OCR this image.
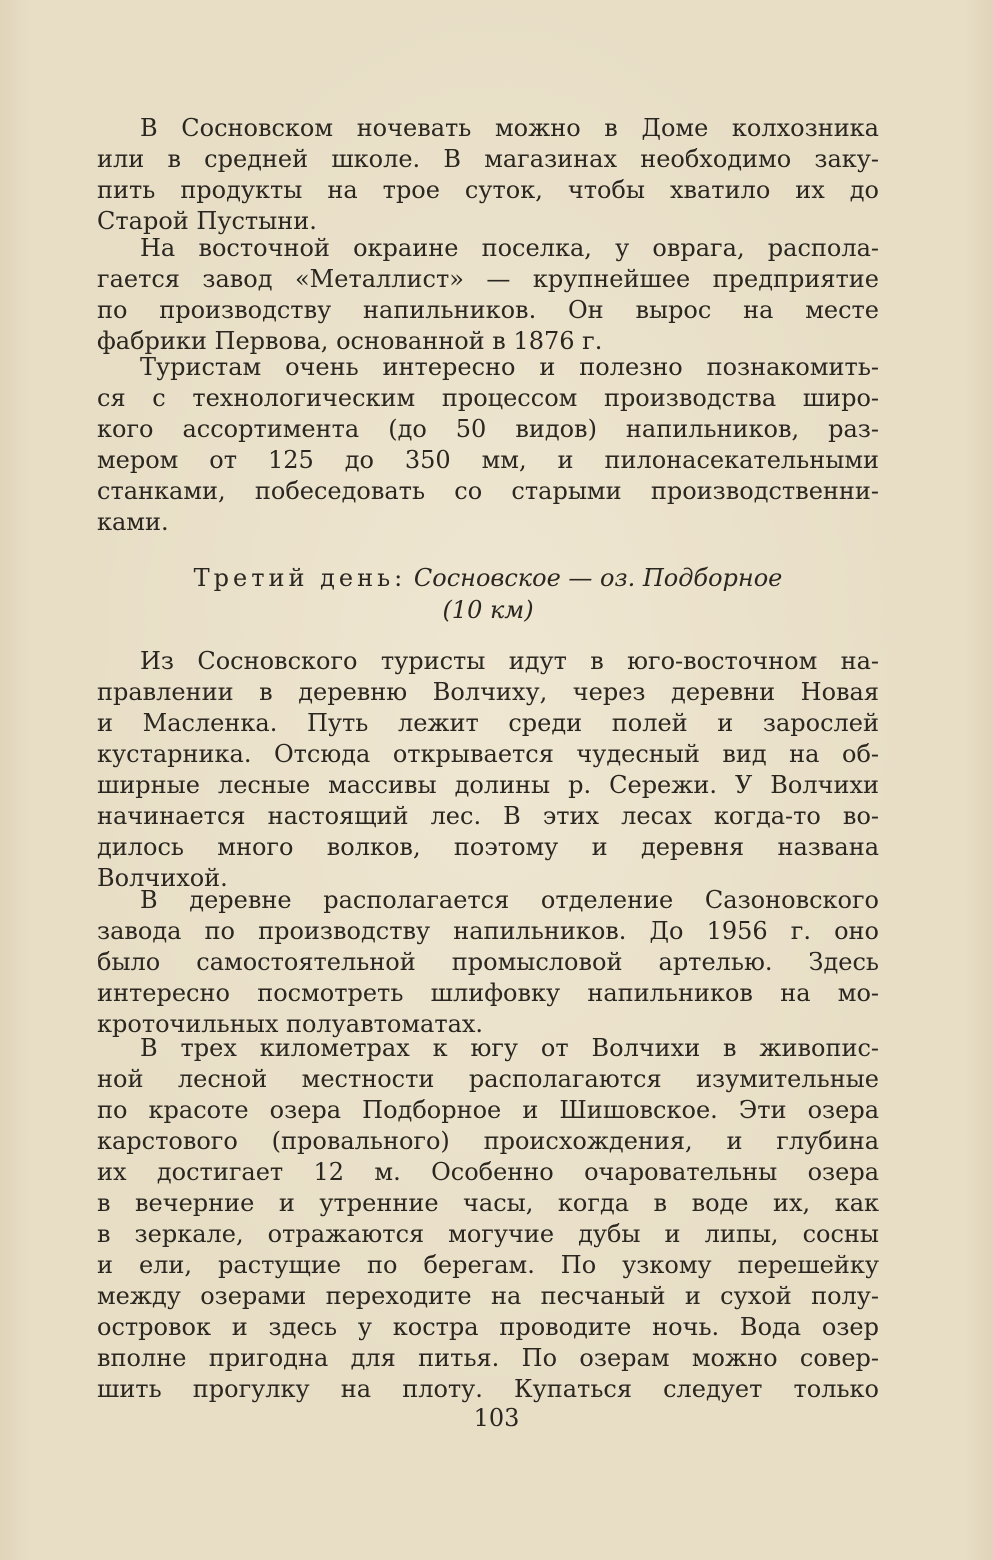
В Сосновском ночевать можно в Доме колхозника
или в средней школе. В магазинах необходимо заку-
пить продукты на трое суток, чтобы хватило их до
Старой Пустыни.
На восточной окраине поселка, у оврага, распола-
гается завод «Металлист» — крупнейшее предприятие
по производству напильников. Он вырос на месте
фабрики Первова, основанной в 1876 г.
Туристам очень интересно и полезно познакомить-
ся с технологическим процессом производства широ-
кого ассортимента (до 50 видов) напильников, раз-
мером от 125 до 350 мм, и пилонасекательными
станками, побеседовать со старыми производственни-
ками.
Третий день: Сосновское — оз. Подборное
(10 км)
Из Сосновского туристы идут в юго-восточном на-
правлении в деревню Волчиху, через деревни Новая
и Масленка. Путь лежит среди полей и зарослей
кустарника. Отсюда открывается чудесный вид на об-
ширные лесные массивы долины р. Сережи. У Волчихи
начинается настоящий лес. В этих лесах когда-то во-
дилось много волков, поэтому и деревня названа
Волчихой.
В деревне располагается отделение Сазоновского
завода по производству напильников. До 1956 г. оно
было самостоятельной промысловой артелью. Здесь
интересно посмотреть шлифовку напильников на мо-
кроточильных полуавтоматах.
В трех километрах к югу от Волчихи в живопис-
ной лесной местности располагаются изумительные
по красоте озера Подборное и Шишовское. Эти озера
карстового (провального) происхождения, и глубина
их достигает 12 м. Особенно очаровательны озера
в вечерние и утренние часы, когда в воде их, как
в зеркале, отражаются могучие дубы и липы, сосны
и ели, растущие по берегам. По узкому перешейку
между озерами переходите на песчаный и сухой полу-
островок и здесь у костра проводите ночь. Вода озер
вполне пригодна для питья. По озерам можно совер-
шить прогулку на плоту. Купаться следует только
103
